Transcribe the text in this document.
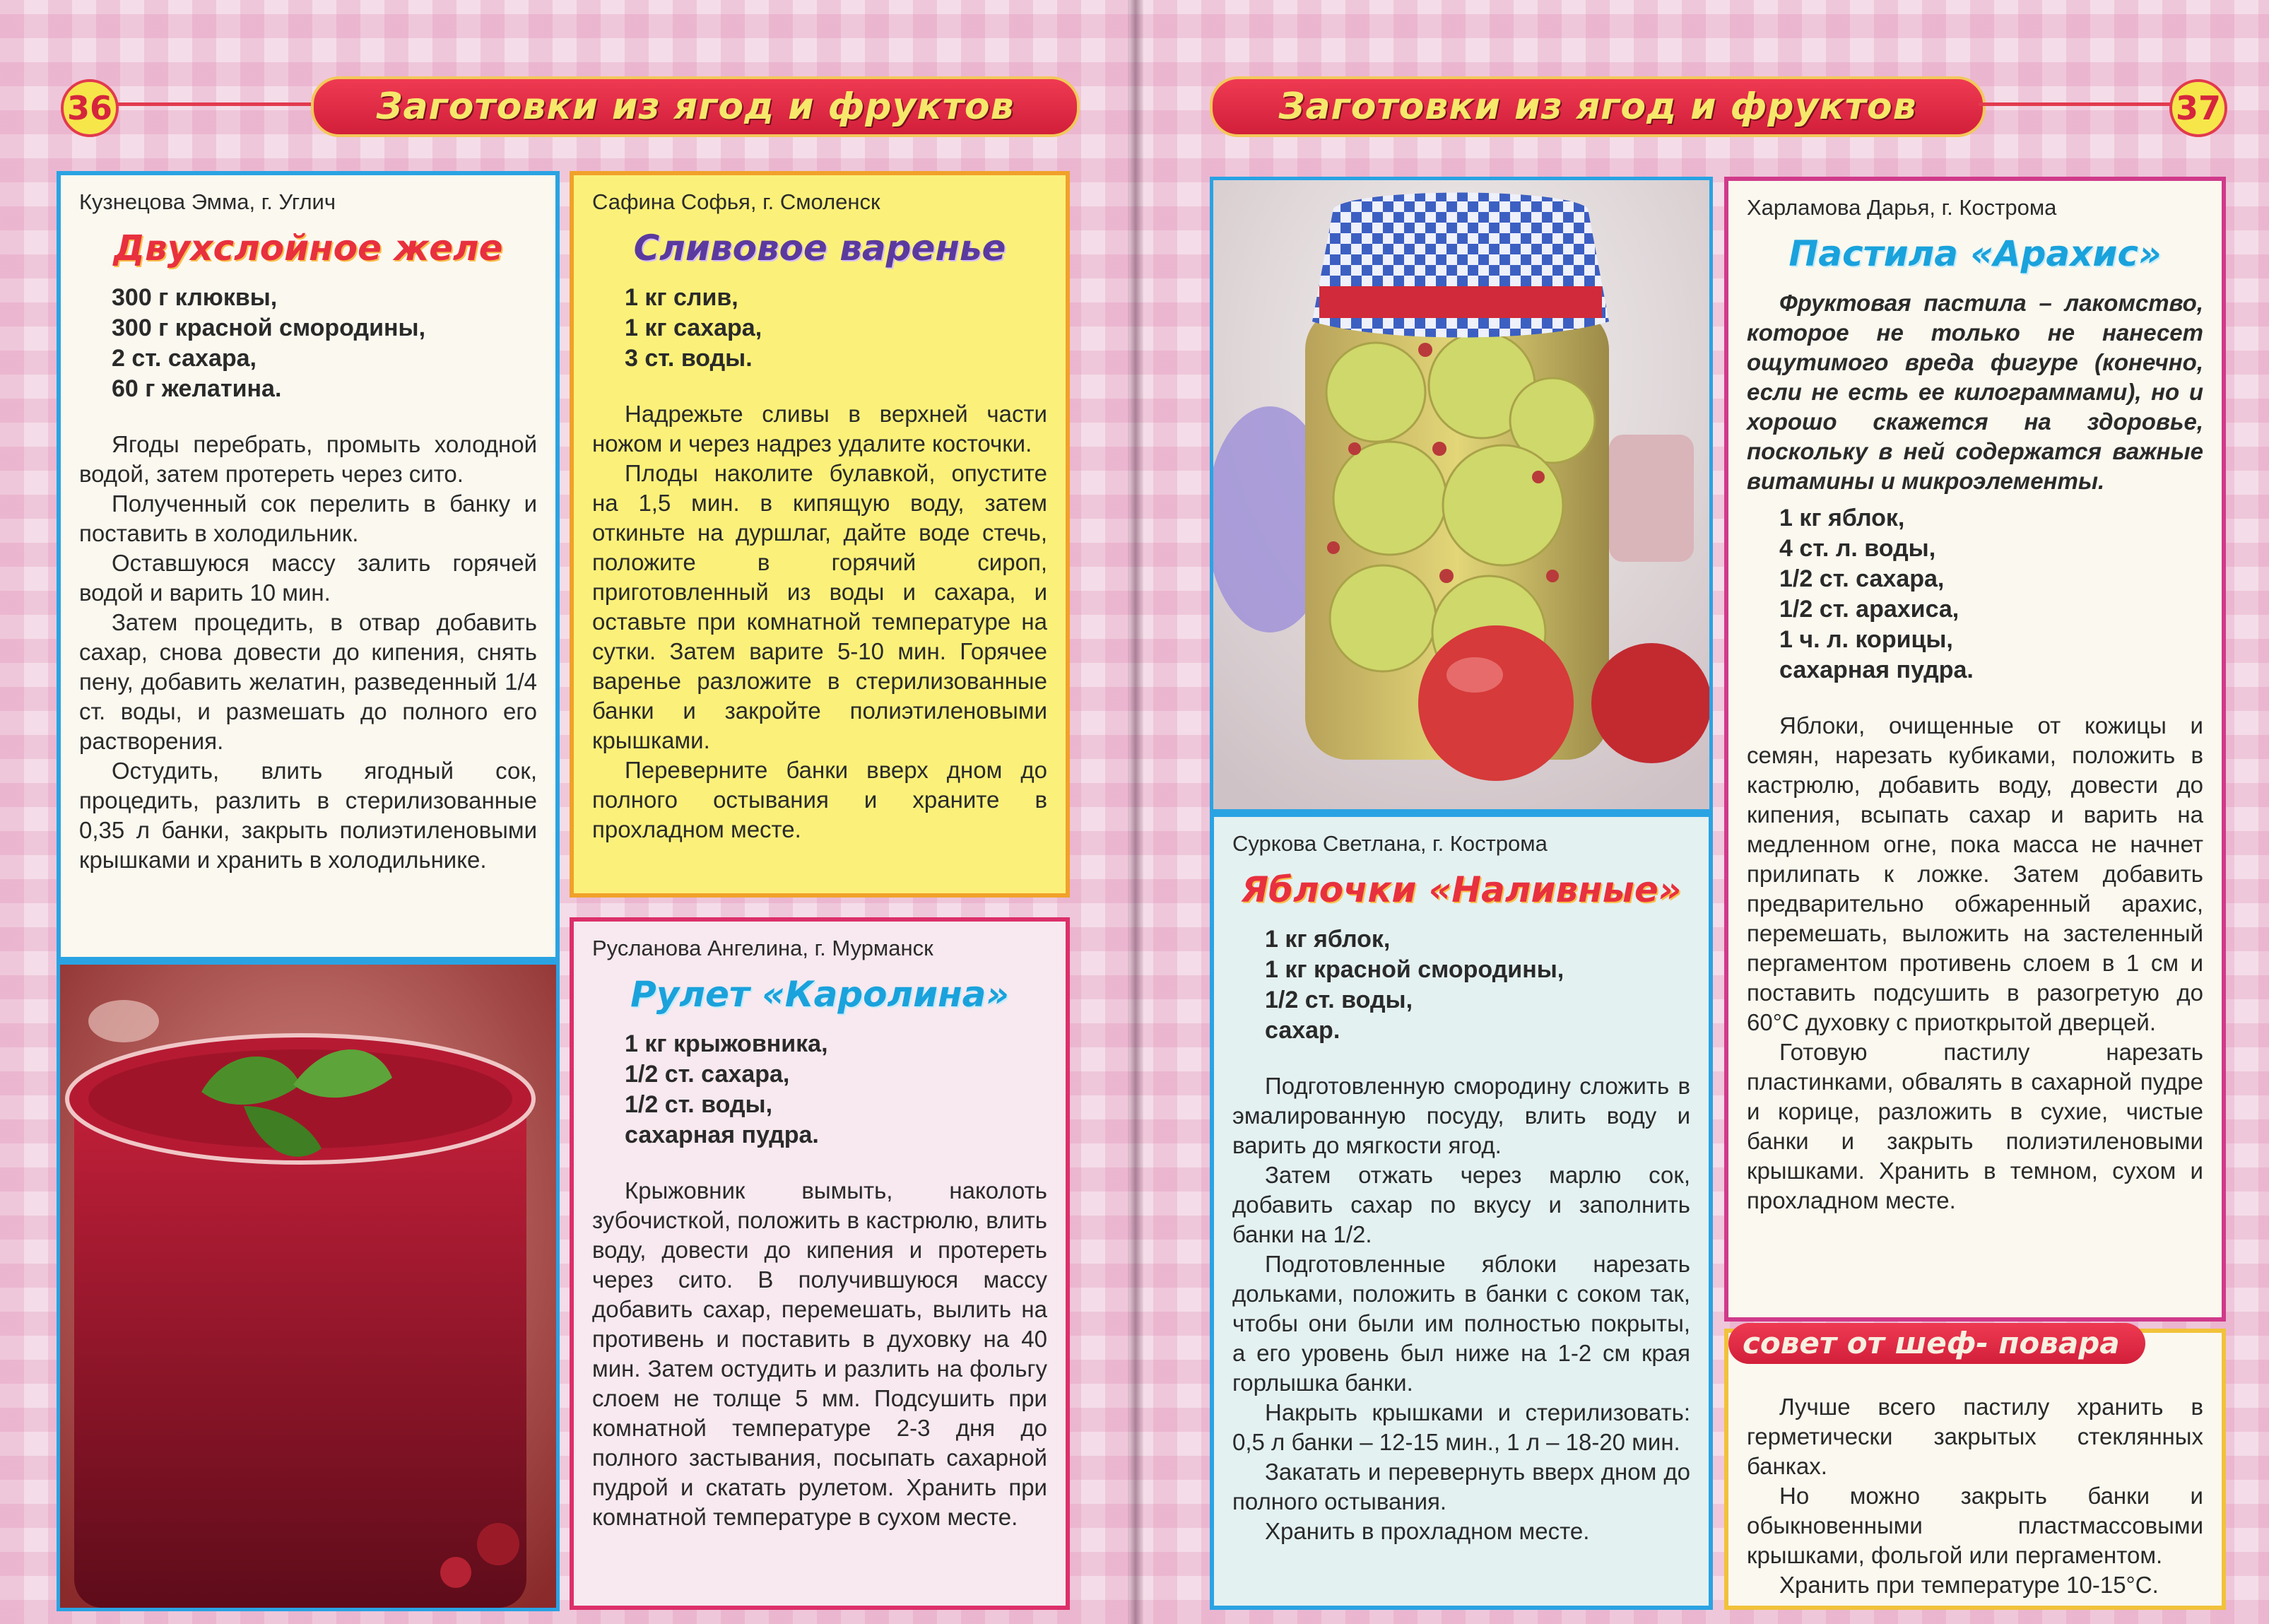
36	Заготовки из ягод и фруктов	Заготовки из ягод и фруктов	37

Кузнецова Эмма, г. Углич

Двухслойное желе
300 г клюквы,
300 г красной смородины,
2 ст. сахара,
60 г желатина.

Ягоды перебрать, промыть холодной водой, затем протереть через сито.

Полученный сок перелить в банку и поставить в холодильник.

Оставшуюся массу залить горячей водой и варить 10 мин.

Затем процедить, в отвар добавить сахар, снова довести до кипения, снять пену, добавить желатин, разведенный 1/4 ст. воды, и размешать до полного его растворения.

Остудить, влить ягодный сок, процедить, разлить в стерилизованные 0,35 л банки, закрыть полиэтиленовыми крышками и хранить в холодильнике.

Сафина Софья, г. Смоленск

Сливовое варенье
1 кг слив,
1 кг сахара,
3 ст. воды.

Надрежьте сливы в верхней части ножом и через надрез удалите косточки.

Плоды наколите булавкой, опустите на 1,5 мин. в кипящую воду, затем откиньте на дуршлаг, дайте воде стечь, положите в горячий сироп, приготовленный из воды и сахара, и оставьте при комнатной температуре на сутки. Затем варите 5-10 мин. Горячее варенье разложите в стерилизованные банки и закройте полиэтиленовыми крышками.

Переверните банки вверх дном до полного остывания и храните в прохладном месте.

Русланова Ангелина, г. Мурманск

Рулет «Каролина»
1 кг крыжовника,
1/2 ст. сахара,
1/2 ст. воды,
сахарная пудра.

Крыжовник вымыть, наколоть зубочисткой, положить в кастрюлю, влить воду, довести до кипения и протереть через сито. В получившуюся массу добавить сахар, перемешать, вылить на противень и поставить в духовку на 40 мин. Затем остудить и разлить на фольгу слоем не толще 5 мм. Подсушить при комнатной температуре 2-3 дня до полного застывания, посыпать сахарной пудрой и скатать рулетом. Хранить при комнатной температуре в сухом месте.

Суркова Светлана, г. Кострома

Яблочки «Наливные»
1 кг яблок,
1 кг красной смородины,
1/2 ст. воды,
сахар.

Подготовленную смородину сложить в эмалированную посуду, влить воду и варить до мягкости ягод.

Затем отжать через марлю сок, добавить сахар по вкусу и заполнить банки на 1/2.

Подготовленные яблоки нарезать дольками, положить в банки с соком так, чтобы они были им полностью покрыты, а его уровень был ниже на 1-2 см края горлышка банки.

Накрыть крышками и стерилизовать: 0,5 л банки – 12-15 мин., 1 л – 18-20 мин.

Закатать и перевернуть вверх дном до полного остывания.

Хранить в прохладном месте.

Харламова Дарья, г. Кострома

Пастила «Арахис»

Фруктовая пастила – лакомство, которое не только не нанесет ощутимого вреда фигуре (конечно, если не есть ее килограммами), но и хорошо скажется на здоровье, поскольку в ней содержатся важные витамины и микроэлементы.

1 кг яблок,
4 ст. л. воды,
1/2 ст. сахара,
1/2 ст. арахиса,
1 ч. л. корицы,
сахарная пудра.

Яблоки, очищенные от кожицы и семян, нарезать кубиками, положить в кастрюлю, добавить воду, довести до кипения, всыпать сахар и варить на медленном огне, пока масса не начнет прилипать к ложке. Затем добавить предварительно обжаренный арахис, перемешать, выложить на застеленный пергаментом противень слоем в 1 см и поставить подсушить в разогретую до 60°С духовку с приоткрытой дверцей.

Готовую пастилу нарезать пластинками, обвалять в сахарной пудре и корице, разложить в сухие, чистые банки и закрыть полиэтиленовыми крышками. Хранить в темном, сухом и прохладном месте.

Лучше всего пастилу хранить в герметически закрытых стеклянных банках.

Но можно закрыть банки и обыкновенными пластмассовыми крышками, фольгой или пергаментом.

Хранить при температуре 10-15°С.

совет от шеф- повара
